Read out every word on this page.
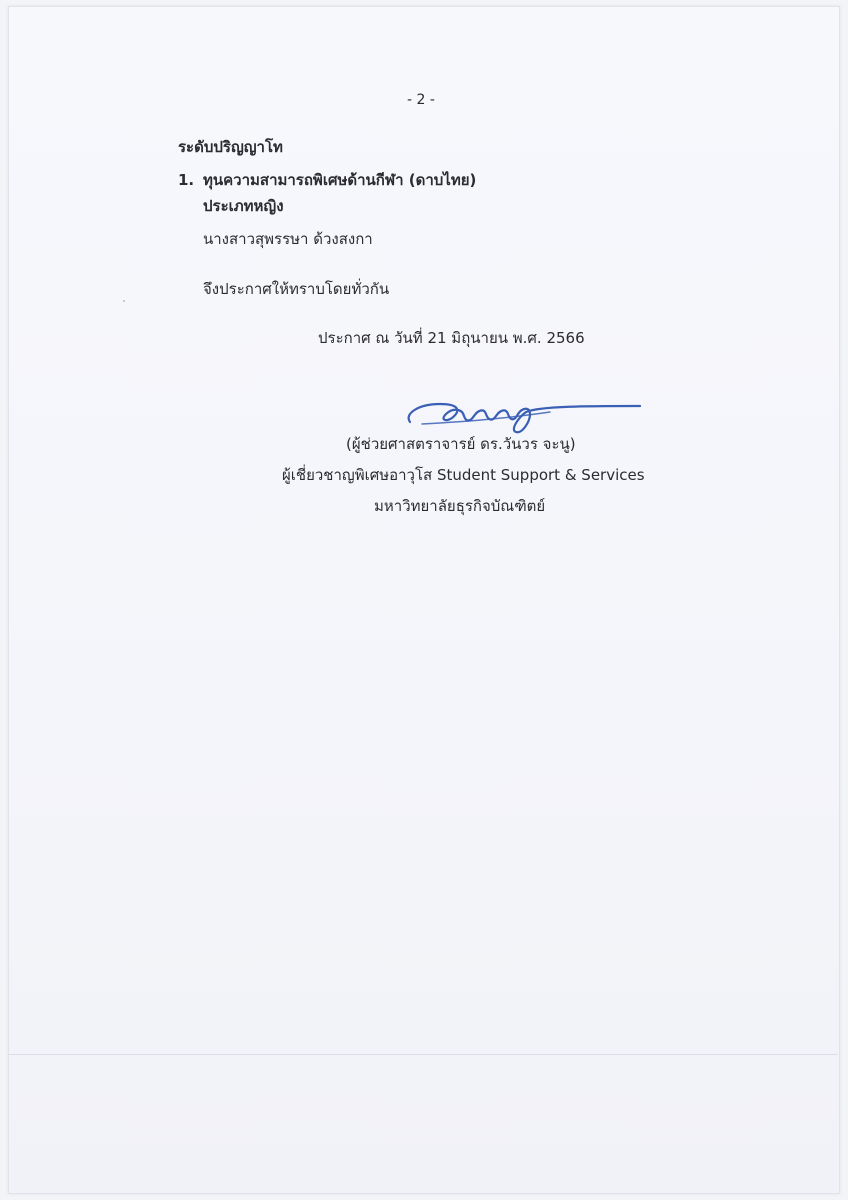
- 2 -
ระดับปริญญาโท
1. ทุนความสามารถพิเศษด้านกีฬา (ดาบไทย)
ประเภทหญิง
นางสาวสุพรรษา ด้วงสงกา
จึงประกาศให้ทราบโดยทั่วกัน
ประกาศ ณ วันที่ 21 มิถุนายน พ.ศ. 2566
(ผู้ช่วยศาสตราจารย์ ดร.วันวร จะนู)
ผู้เชี่ยวชาญพิเศษอาวุโส Student Support & Services
มหาวิทยาลัยธุรกิจบัณฑิตย์
